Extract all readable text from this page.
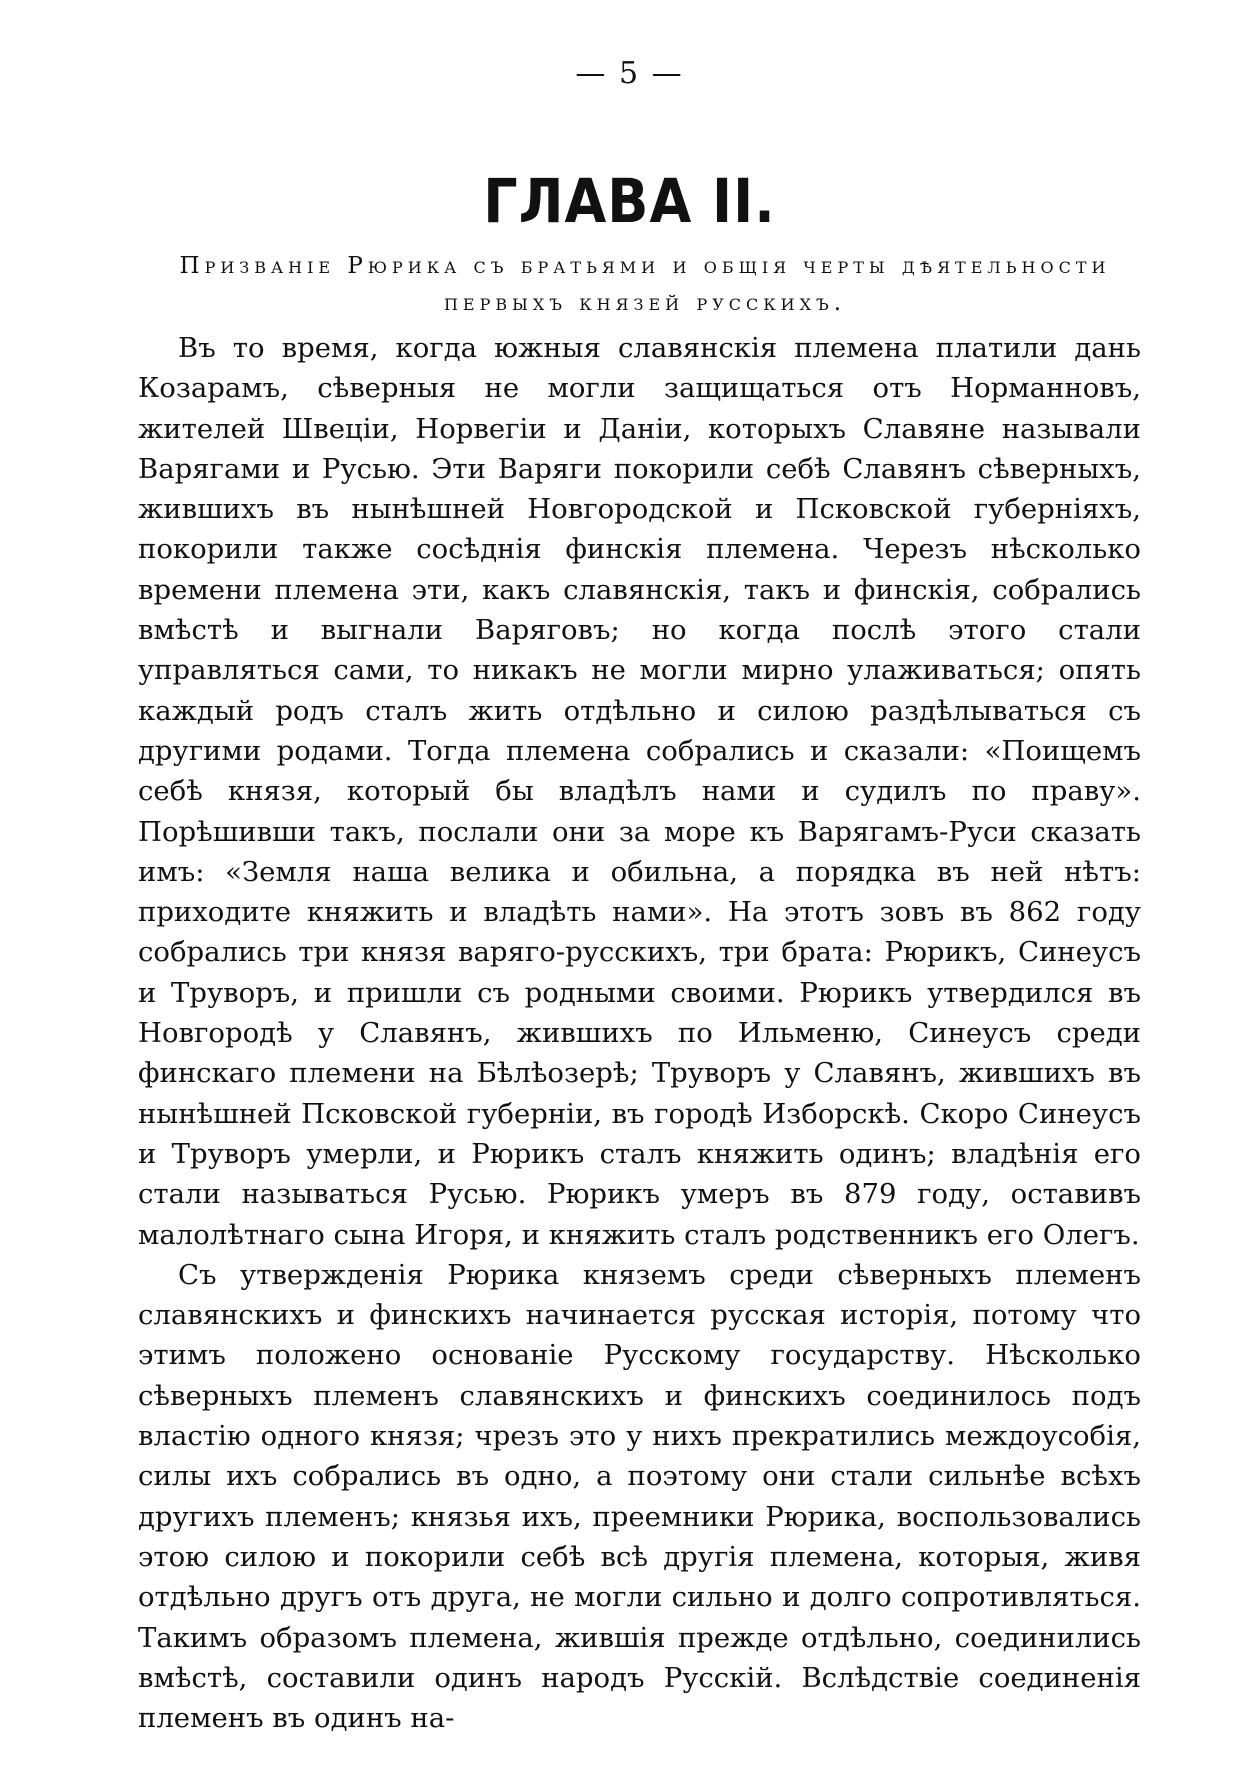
— 5 —
ГЛАВА II.
Призваніе Рюрика съ братьями и общія черты дѣятельности первыхъ князей русскихъ.

Въ то время, когда южныя славянскія племена платили дань Козарамъ, сѣверныя не могли защищаться отъ Норманновъ, жителей Швеціи, Норвегіи и Даніи, которыхъ Славяне называли Варягами и Русью. Эти Варяги покорили себѣ Славянъ сѣверныхъ, жившихъ въ нынѣшней Новгородской и Псковской губерніяхъ, покорили также сосѣднія финскія племена. Черезъ нѣсколько времени племена эти, какъ славянскія, такъ и финскія, собрались вмѣстѣ и выгнали Варяговъ; но когда послѣ этого стали управляться сами, то никакъ не могли мирно улаживаться; опять каждый родъ сталъ жить отдѣльно и силою раздѣлываться съ другими родами. Тогда племена собрались и сказали: «Поищемъ себѣ князя, который бы владѣлъ нами и судилъ по праву». Порѣшивши такъ, послали они за море къ Варягамъ-Руси сказать имъ: «Земля наша велика и обильна, а порядка въ ней нѣтъ: приходите княжить и владѣть нами». На этотъ зовъ въ 862 году собрались три князя варяго-русскихъ, три брата: Рюрикъ, Синеусъ и Труворъ, и пришли съ родными своими. Рюрикъ утвердился въ Новгородѣ у Славянъ, жившихъ по Ильменю, Синеусъ среди финскаго племени на Бѣлѣозерѣ; Труворъ у Славянъ, жившихъ въ нынѣшней Псковской губерніи, въ городѣ Изборскѣ. Скоро Синеусъ и Труворъ умерли, и Рюрикъ сталъ княжить одинъ; владѣнія его стали называться Русью. Рюрикъ умеръ въ 879 году, оставивъ малолѣтнаго сына Игоря, и княжить сталъ родственникъ его Олегъ.

Съ утвержденія Рюрика княземъ среди сѣверныхъ племенъ славянскихъ и финскихъ начинается русская исторія, потому что этимъ положено основаніе Русскому государству. Нѣсколько сѣверныхъ племенъ славянскихъ и финскихъ соединилось подъ властію одного князя; чрезъ это у нихъ прекратились междоусобія, силы ихъ собрались въ одно, а поэтому они стали сильнѣе всѣхъ другихъ племенъ; князья ихъ, преемники Рюрика, воспользовались этою силою и покорили себѣ всѣ другія племена, которыя, живя отдѣльно другъ отъ друга, не могли сильно и долго сопротивляться. Такимъ образомъ племена, жившія прежде отдѣльно, соединились вмѣстѣ, составили одинъ народъ Русскій. Вслѣдствіе соединенія племенъ въ одинъ на-
